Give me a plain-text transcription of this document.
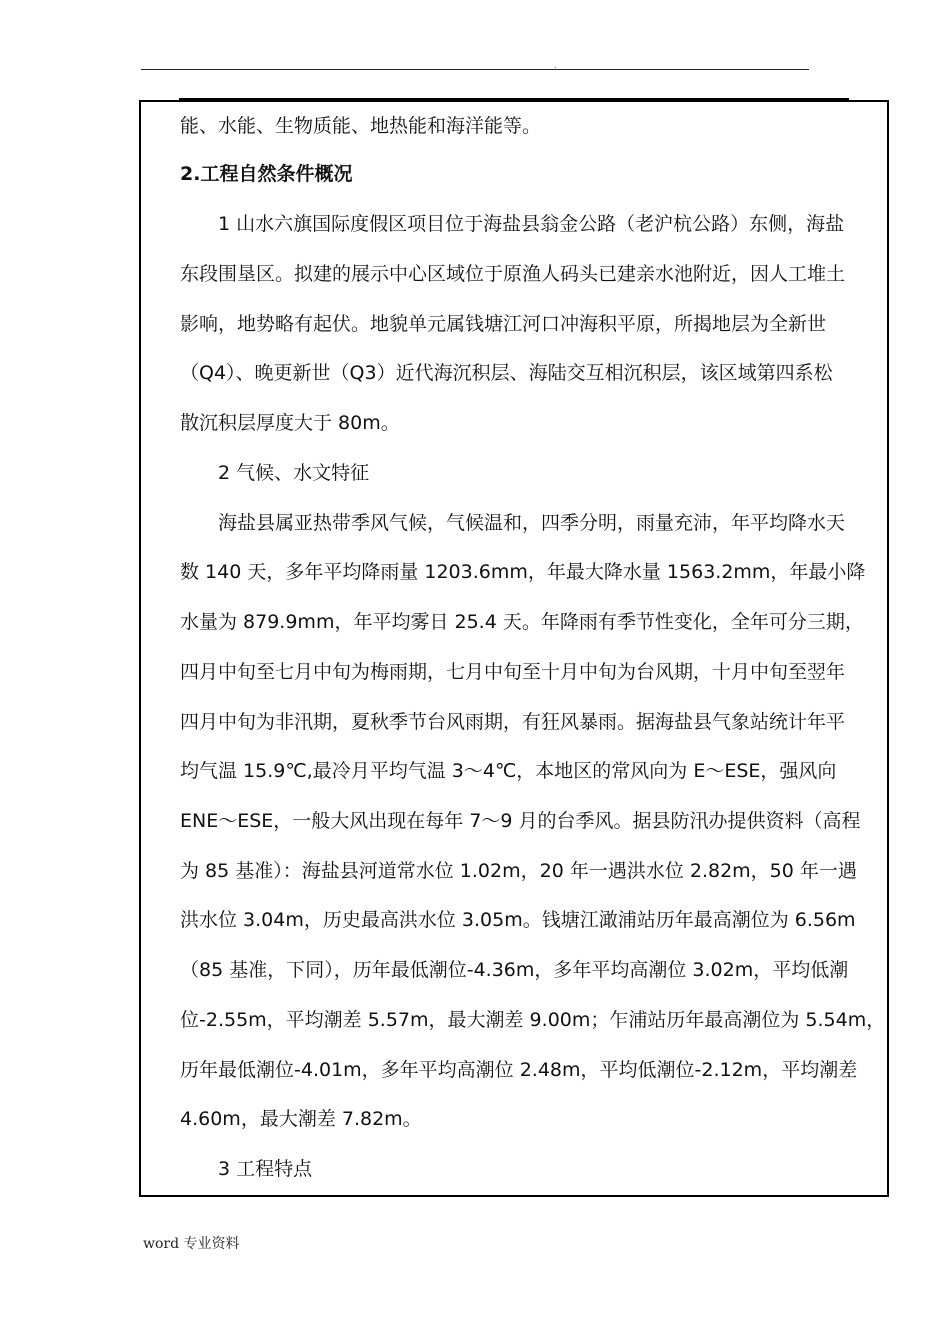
.
能、水能、生物质能、地热能和海洋能等。
2.工程自然条件概况
1 山水六旗国际度假区项目位于海盐县翁金公路（老沪杭公路）东侧，海盐
东段围垦区。拟建的展示中心区域位于原渔人码头已建亲水池附近，因人工堆土
影响，地势略有起伏。地貌单元属钱塘江河口冲海积平原，所揭地层为全新世
（Q4）、晚更新世（Q3）近代海沉积层、海陆交互相沉积层，该区域第四系松
散沉积层厚度大于 80m。
2 气候、水文特征
海盐县属亚热带季风气候，气候温和，四季分明，雨量充沛，年平均降水天
数 140 天，多年平均降雨量 1203.6mm，年最大降水量 1563.2mm，年最小降
水量为 879.9mm，年平均雾日 25.4 天。年降雨有季节性变化，全年可分三期，
四月中旬至七月中旬为梅雨期，七月中旬至十月中旬为台风期，十月中旬至翌年
四月中旬为非汛期，夏秋季节台风雨期，有狂风暴雨。据海盐县气象站统计年平
均气温 15.9℃,最冷月平均气温 3～4℃，本地区的常风向为 E～ESE，强风向
ENE～ESE，一般大风出现在每年 7～9 月的台季风。据县防汛办提供资料（高程
为 85 基准）：海盐县河道常水位 1.02m，20 年一遇洪水位 2.82m，50 年一遇
洪水位 3.04m，历史最高洪水位 3.05m。钱塘江澉浦站历年最高潮位为 6.56m
（85 基准，下同），历年最低潮位-4.36m，多年平均高潮位 3.02m，平均低潮
位-2.55m，平均潮差 5.57m，最大潮差 9.00m；乍浦站历年最高潮位为 5.54m，
历年最低潮位-4.01m，多年平均高潮位 2.48m，平均低潮位-2.12m，平均潮差
4.60m，最大潮差 7.82m。
3 工程特点
word 专业资料
